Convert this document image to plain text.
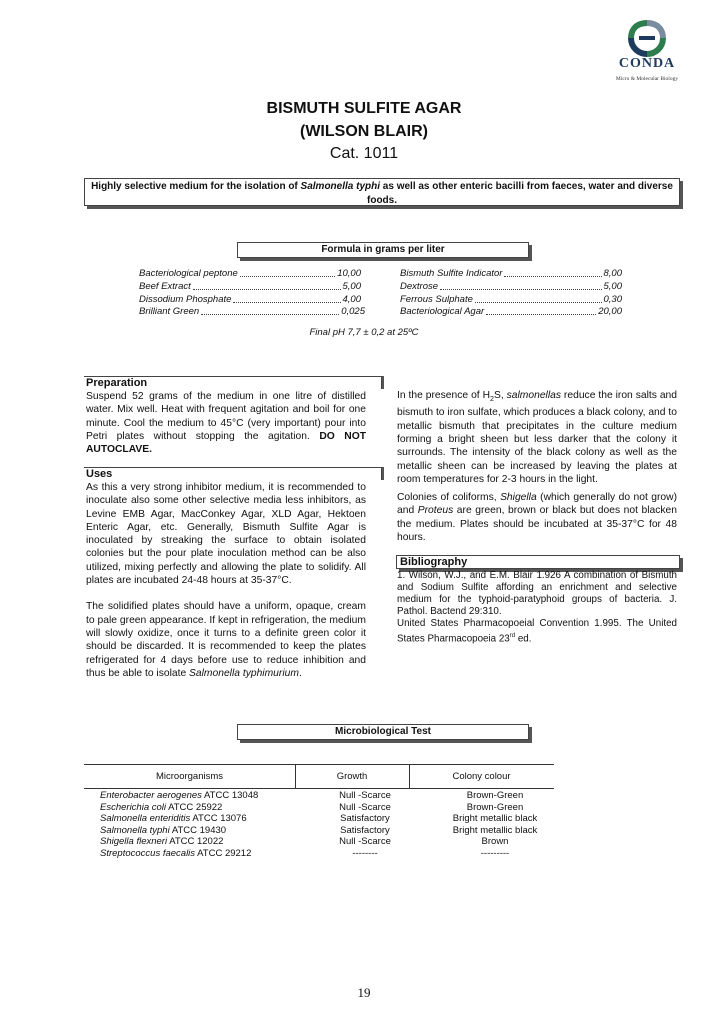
CONDA
Micro & Molecular Biology
BISMUTH SULFITE AGAR
(WILSON BLAIR)
Cat. 1011
Highly selective medium for the isolation of Salmonella typhi as well as other enteric bacilli from faeces, water and diverse foods.
Formula in grams per liter
Bacteriological peptone	10,00
Beef Extract	5,00
Dissodium Phosphate	4,00
Brilliant Green	0,025
Bismuth Sulfite Indicator	8,00
Dextrose	5,00
Ferrous Sulphate	0,30
Bacteriological Agar	20,00
Final pH 7,7 ± 0,2 at 25ºC
Preparation
Suspend 52 grams of the medium in one litre of distilled water. Mix well. Heat with frequent agitation and boil for one minute. Cool the medium to 45°C (very important) pour into Petri plates without stopping the agitation. DO NOT AUTOCLAVE.
Uses
As this a very strong inhibitor medium, it is recommended to inoculate also some other selective media less inhibitors, as Levine EMB Agar, MacConkey Agar, XLD Agar, Hektoen Enteric Agar, etc. Generally, Bismuth Sulfite Agar is inoculated by streaking the surface to obtain isolated colonies but the pour plate inoculation method can be also utilized, mixing perfectly and allowing the plate to solidify. All plates are incubated 24-48 hours at 35-37°C.
The solidified plates should have a uniform, opaque, cream to pale green appearance. If kept in refrigeration, the medium will slowly oxidize, once it turns to a definite green color it should be discarded. It is recommended to keep the plates refrigerated for 4 days before use to reduce inhibition and thus be able to isolate Salmonella typhimurium.
In the presence of $H_2S$, salmonellas reduce the iron salts and bismuth to iron sulfate, which produces a black colony, and to metallic bismuth that precipitates in the culture medium forming a bright sheen but less darker that the colony it surrounds. The intensity of the black colony as well as the metallic sheen can be increased by leaving the plates at room temperatures for 2-3 hours in the light.
Colonies of coliforms, Shigella (which generally do not grow) and Proteus are green, brown or black but does not blacken the medium. Plates should be incubated at 35-37°C for 48 hours.
Bibliography
1. Wilson, W.J., and E.M. Blair 1.926 A combination of Bismuth and Sodium Sulfite affording an enrichment and selective medium for the typhoid-paratyphoid groups of bacteria. J. Pathol. Bactend 29:310.
United States Pharmacopoeial Convention 1.995. The United States Pharmacopoeia 23rd ed.
Microbiological Test
Microorganisms	Growth	Colony colour
Enterobacter aerogenes ATCC 13048	Null -Scarce	Brown-Green
Escherichia coli ATCC 25922	Null -Scarce	Brown-Green
Salmonella enteriditis ATCC 13076	Satisfactory	Bright metallic black
Salmonella typhi ATCC 19430	Satisfactory	Bright metallic black
Shigella flexneri ATCC 12022	Null -Scarce	Brown
Streptococcus faecalis ATCC 29212	--------	---------
19
